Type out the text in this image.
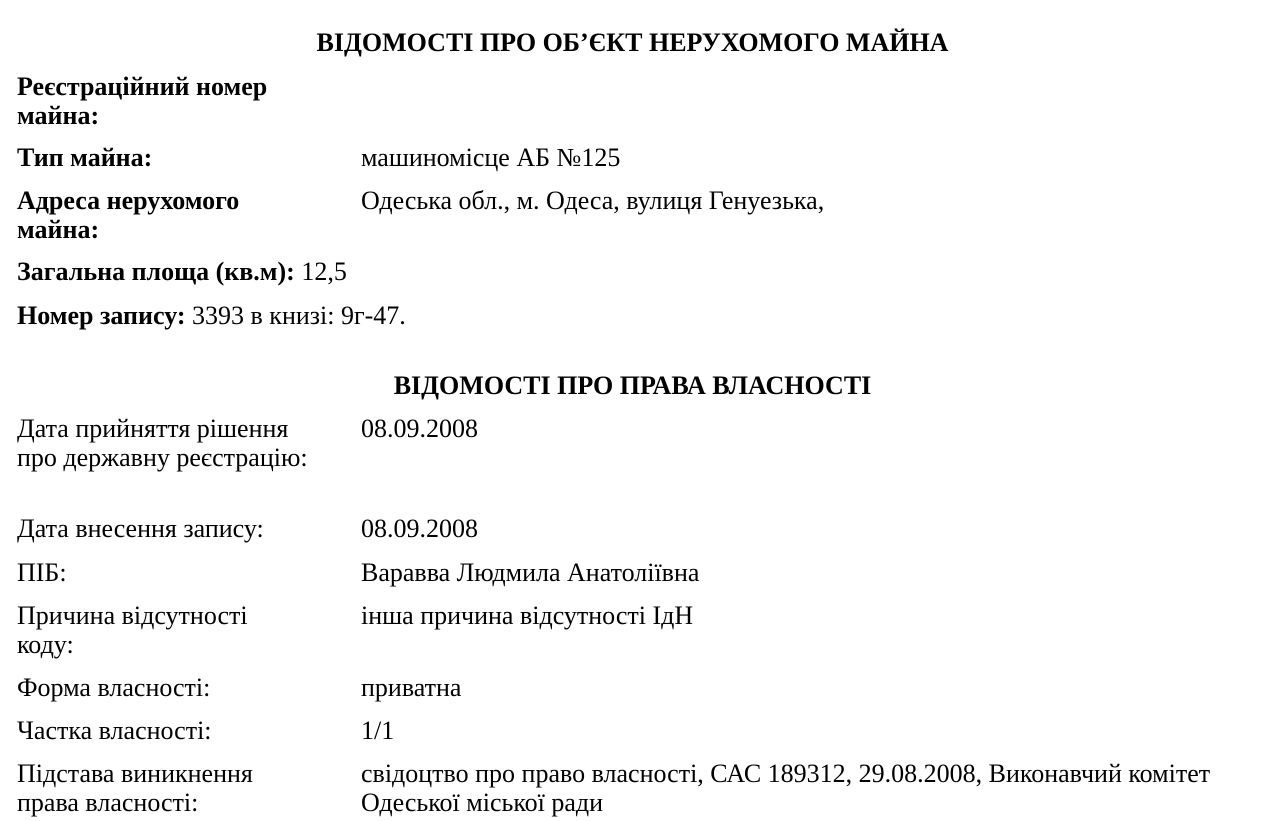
ВІДОМОСТІ ПРО ОБ’ЄКТ НЕРУХОМОГО МАЙНА
Реєстраційний номер майна:
Тип майна:	машиномісце АБ №125
Адреса нерухомого майна:
Одеська обл., м. Одеса, вулиця Генуезька,
Загальна площа (кв.м): 12,5
Номер запису: 3393 в книзі: 9г-47.
ВІДОМОСТІ ПРО ПРАВА ВЛАСНОСТІ
Дата прийняття рішення про державну реєстрацію:
08.09.2008
Дата внесення запису:	08.09.2008
ПІБ:	Варавва Людмила Анатоліївна
Причина відсутності коду:
інша причина відсутності ІдН
Форма власності:	приватна
Частка власності:	1/1
Підстава виникнення права власності:
свідоцтво про право власності, САС 189312, 29.08.2008, Виконавчий комітет Одеської міської ради
